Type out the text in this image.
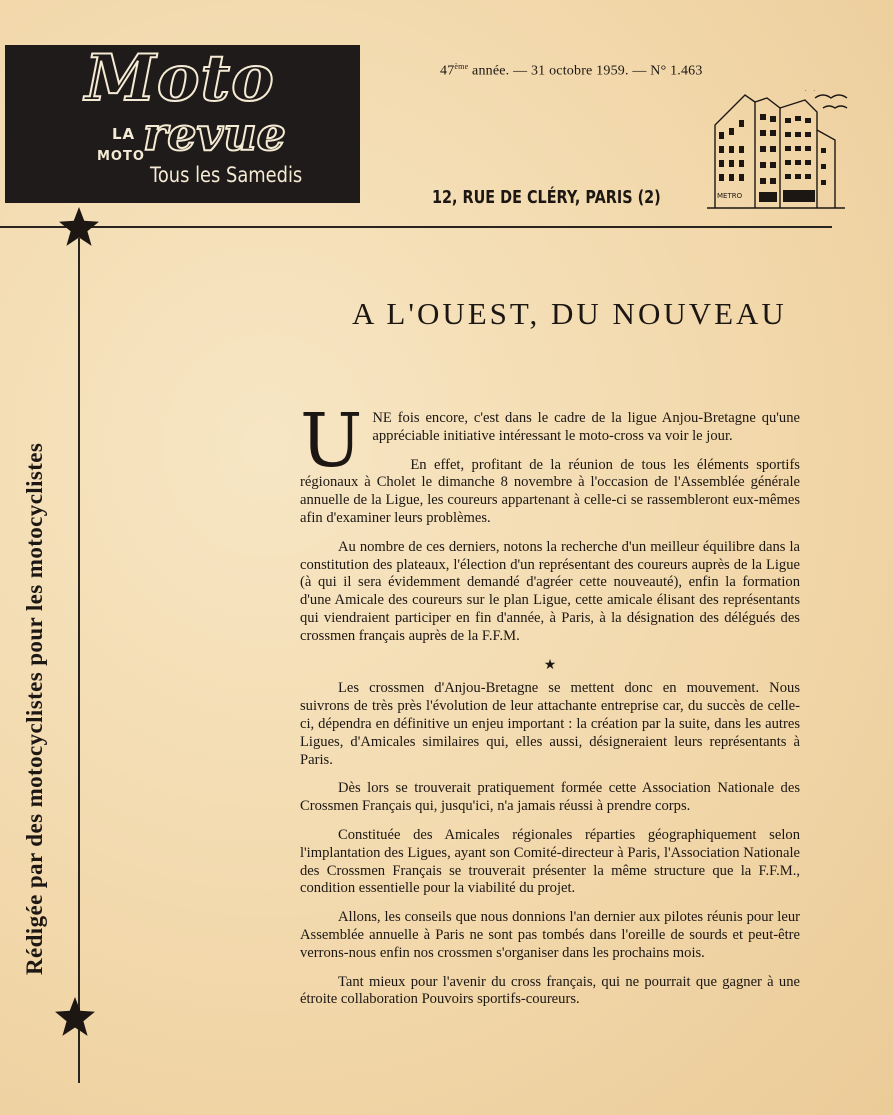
Moto
LA
MOTO
revue
Tous les Samedis
47ème année. — 31 octobre 1959. — N° 1.463
12, RUE DE CLÉRY, PARIS (2)	METRO
Rédigée par des motocyclistes pour les motocyclistes
A L'OUEST, DU NOUVEAU

UNE fois encore, c'est dans le cadre de la ligue Anjou-Bretagne qu'une appréciable initiative intéressant le moto-cross va voir le jour.

En effet, profitant de la réunion de tous les éléments sportifs régionaux à Cholet le dimanche 8 novembre à l'occasion de l'Assemblée générale annuelle de la Ligue, les coureurs appartenant à celle-ci se rassembleront eux-mêmes afin d'examiner leurs problèmes.

Au nombre de ces derniers, notons la recherche d'un meilleur équilibre dans la constitution des plateaux, l'élection d'un représentant des coureurs auprès de la Ligue (à qui il sera évidemment demandé d'agréer cette nouveauté), enfin la formation d'une Amicale des coureurs sur le plan Ligue, cette amicale élisant des représentants qui viendraient participer en fin d'année, à Paris, à la désignation des délégués des crossmen français auprès de la F.F.M.

★

Les crossmen d'Anjou-Bretagne se mettent donc en mouvement. Nous suivrons de très près l'évolution de leur attachante entreprise car, du succès de celle-ci, dépendra en définitive un enjeu important : la création par la suite, dans les autres Ligues, d'Amicales similaires qui, elles aussi, désigneraient leurs représentants à Paris.

Dès lors se trouverait pratiquement formée cette Association Nationale des Crossmen Français qui, jusqu'ici, n'a jamais réussi à prendre corps.

Constituée des Amicales régionales réparties géographiquement selon l'implantation des Ligues, ayant son Comité-directeur à Paris, l'Association Nationale des Crossmen Français se trouverait présenter la même structure que la F.F.M., condition essentielle pour la viabilité du projet.

Allons, les conseils que nous donnions l'an dernier aux pilotes réunis pour leur Assemblée annuelle à Paris ne sont pas tombés dans l'oreille de sourds et peut-être verrons-nous enfin nos crossmen s'organiser dans les prochains mois.

Tant mieux pour l'avenir du cross français, qui ne pourrait que gagner à une étroite collaboration Pouvoirs sportifs-coureurs.
